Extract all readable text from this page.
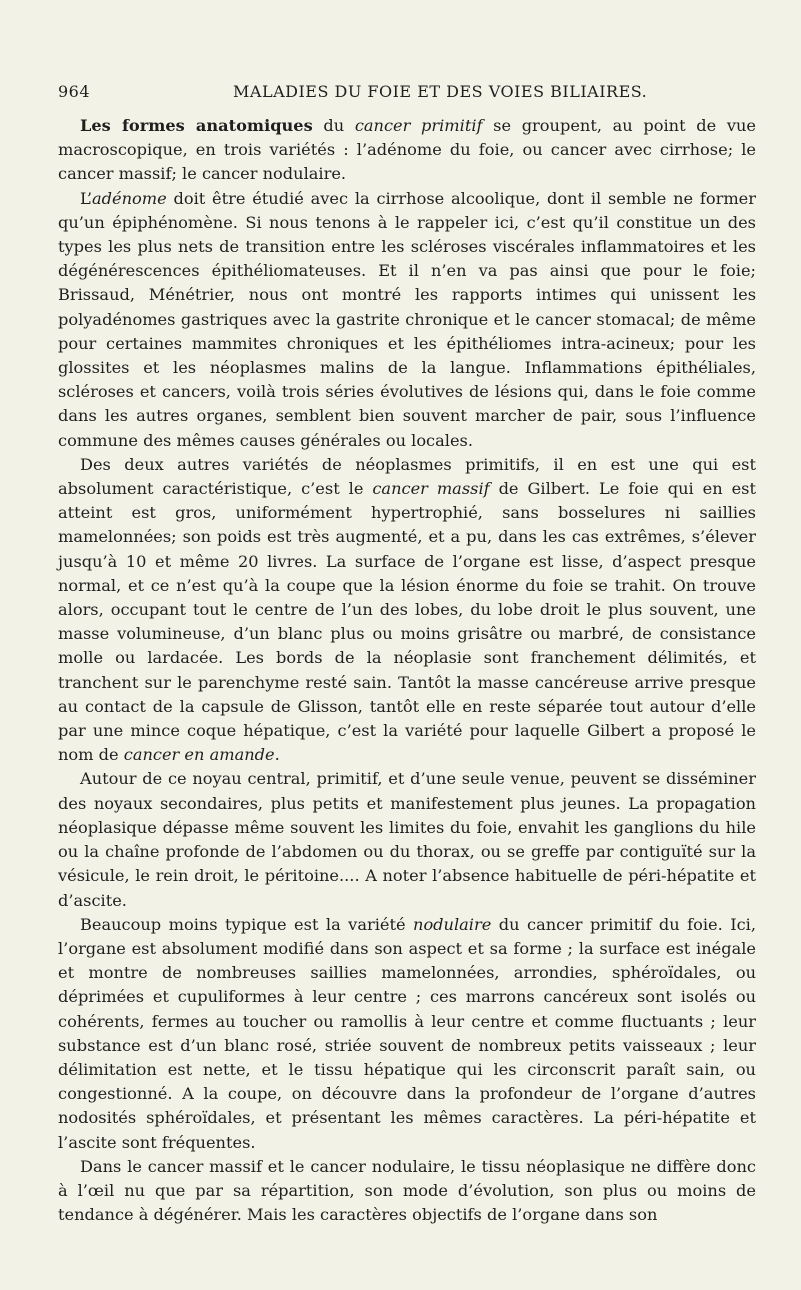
964	MALADIES DU FOIE ET DES VOIES BILIAIRES.

Les formes anatomiques du cancer primitif se groupent, au point de vue macroscopique, en trois variétés : l’adénome du foie, ou cancer avec cirrhose; le cancer massif; le cancer nodulaire.

L’adénome doit être étudié avec la cirrhose alcoolique, dont il semble ne former qu’un épiphénomène. Si nous tenons à le rappeler ici, c’est qu’il constitue un des types les plus nets de transition entre les scléroses viscérales inflammatoires et les dégénérescences épithéliomateuses. Et il n’en va pas ainsi que pour le foie; Brissaud, Ménétrier, nous ont montré les rapports intimes qui unissent les polyadénomes gastriques avec la gastrite chronique et le cancer stomacal; de même pour certaines mammites chroniques et les épithéliomes intra-acineux; pour les glossites et les néoplasmes malins de la langue. Inflammations épithéliales, scléroses et cancers, voilà trois séries évolutives de lésions qui, dans le foie comme dans les autres organes, semblent bien souvent marcher de pair, sous l’influence commune des mêmes causes générales ou locales.

Des deux autres variétés de néoplasmes primitifs, il en est une qui est absolument caractéristique, c’est le cancer massif de Gilbert. Le foie qui en est atteint est gros, uniformément hypertrophié, sans bosselures ni saillies mamelonnées; son poids est très augmenté, et a pu, dans les cas extrêmes, s’élever jusqu’à 10 et même 20 livres. La surface de l’organe est lisse, d’aspect presque normal, et ce n’est qu’à la coupe que la lésion énorme du foie se trahit. On trouve alors, occupant tout le centre de l’un des lobes, du lobe droit le plus souvent, une masse volumineuse, d’un blanc plus ou moins grisâtre ou marbré, de consistance molle ou lardacée. Les bords de la néoplasie sont franchement délimités, et tranchent sur le parenchyme resté sain. Tantôt la masse cancéreuse arrive presque au contact de la capsule de Glisson, tantôt elle en reste séparée tout autour d’elle par une mince coque hépatique, c’est la variété pour laquelle Gilbert a proposé le nom de cancer en amande.

Autour de ce noyau central, primitif, et d’une seule venue, peuvent se disséminer des noyaux secondaires, plus petits et manifestement plus jeunes. La propagation néoplasique dépasse même souvent les limites du foie, envahit les ganglions du hile ou la chaîne profonde de l’abdomen ou du thorax, ou se greffe par contiguïté sur la vésicule, le rein droit, le péritoine.... A noter l’absence habituelle de péri-hépatite et d’ascite.

Beaucoup moins typique est la variété nodulaire du cancer primitif du foie. Ici, l’organe est absolument modifié dans son aspect et sa forme ; la surface est inégale et montre de nombreuses saillies mamelonnées, arrondies, sphéroïdales, ou déprimées et cupuliformes à leur centre ; ces marrons cancéreux sont isolés ou cohérents, fermes au toucher ou ramollis à leur centre et comme fluctuants ; leur substance est d’un blanc rosé, striée souvent de nombreux petits vaisseaux ; leur délimitation est nette, et le tissu hépatique qui les circonscrit paraît sain, ou congestionné. A la coupe, on découvre dans la profondeur de l’organe d’autres nodosités sphéroïdales, et présentant les mêmes caractères. La péri-hépatite et l’ascite sont fréquentes.

Dans le cancer massif et le cancer nodulaire, le tissu néoplasique ne diffère donc à l’œil nu que par sa répartition, son mode d’évolution, son plus ou moins de tendance à dégénérer. Mais les caractères objectifs de l’organe dans son
